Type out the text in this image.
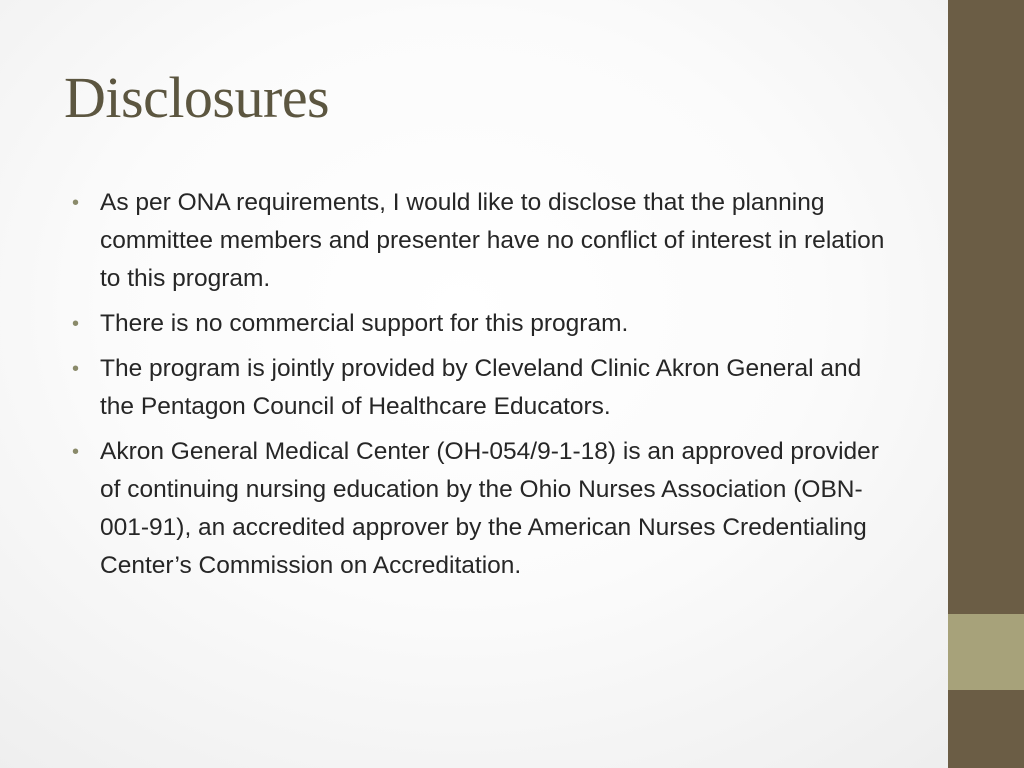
Disclosures
• As per ONA requirements, I would like to disclose that the planning committee members and presenter have no conflict of interest in relation to this program.
• There is no commercial support for this program.
• The program is jointly provided by Cleveland Clinic Akron General and the Pentagon Council of Healthcare Educators.
• Akron General Medical Center (OH-054/9-1-18) is an approved provider of continuing nursing education by the Ohio Nurses Association (OBN-001-91), an accredited approver by the American Nurses Credentialing Center’s Commission on Accreditation.
